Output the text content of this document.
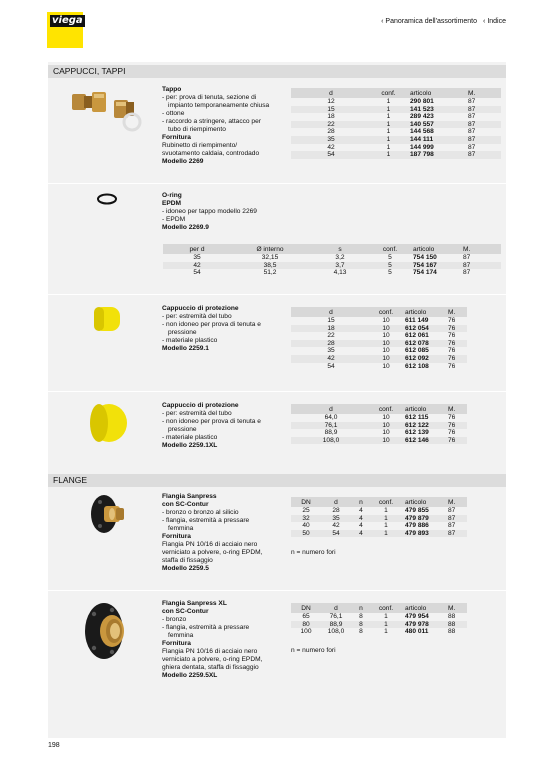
viega	‹ Panoramica dell'assortimento ‹ Indice
CAPPUCCI, TAPPI
Tappo
- per: prova di tenuta, sezione di
impianto temporaneamente chiusa
- ottone
- raccordo a stringere, attacco per
tubo di riempimento
Fornitura
Rubinetto di riempimento/
svuotamento caldaia, controdado
Modello 2269
d	conf.	articolo	M.
12	1	290 801	87
15	1	141 523	87
18	1	289 423	87
22	1	140 557	87
28	1	144 568	87
35	1	144 111	87
42	1	144 999	87
54	1	187 798	87
O-ring
EPDM
- idoneo per tappo modello 2269
- EPDM
Modello 2269.9
per d	Ø interno	s	conf.	articolo	M.
35	32,15	3,2	5	754 150	87
42	38,5	3,7	5	754 167	87
54	51,2	4,13	5	754 174	87
Cappuccio di protezione
- per: estremità del tubo
- non idoneo per prova di tenuta e
pressione
- materiale plastico
Modello 2259.1
d	conf.	articolo	M.
15	10	611 149	76
18	10	612 054	76
22	10	612 061	76
28	10	612 078	76
35	10	612 085	76
42	10	612 092	76
54	10	612 108	76
Cappuccio di protezione
- per: estremità del tubo
- non idoneo per prova di tenuta e
pressione
- materiale plastico
Modello 2259.1XL
d	conf.	articolo	M.
64,0	10	612 115	76
76,1	10	612 122	76
88,9	10	612 139	76
108,0	10	612 146	76
FLANGE
Flangia Sanpress
con SC-Contur
- bronzo o bronzo al silicio
- flangia, estremità a pressare
femmina
Fornitura
Flangia PN 10/16 di acciaio nero
verniciato a polvere, o-ring EPDM,
staffa di fissaggio
Modello 2259.5
DN	d	n	conf.	articolo	M.
25	28	4	1	479 855	87
32	35	4	1	479 879	87
40	42	4	1	479 886	87
50	54	4	1	479 893	87
n = numero fori
Flangia Sanpress XL
con SC-Contur
- bronzo
- flangia, estremità a pressare
femmina
Fornitura
Flangia PN 10/16 di acciaio nero
verniciato a polvere, o-ring EPDM,
ghiera dentata, staffa di fissaggio
Modello 2259.5XL
DN	d	n	conf.	articolo	M.
65	76,1	8	1	479 954	88
80	88,9	8	1	479 978	88
100	108,0	8	1	480 011	88
n = numero fori
198
